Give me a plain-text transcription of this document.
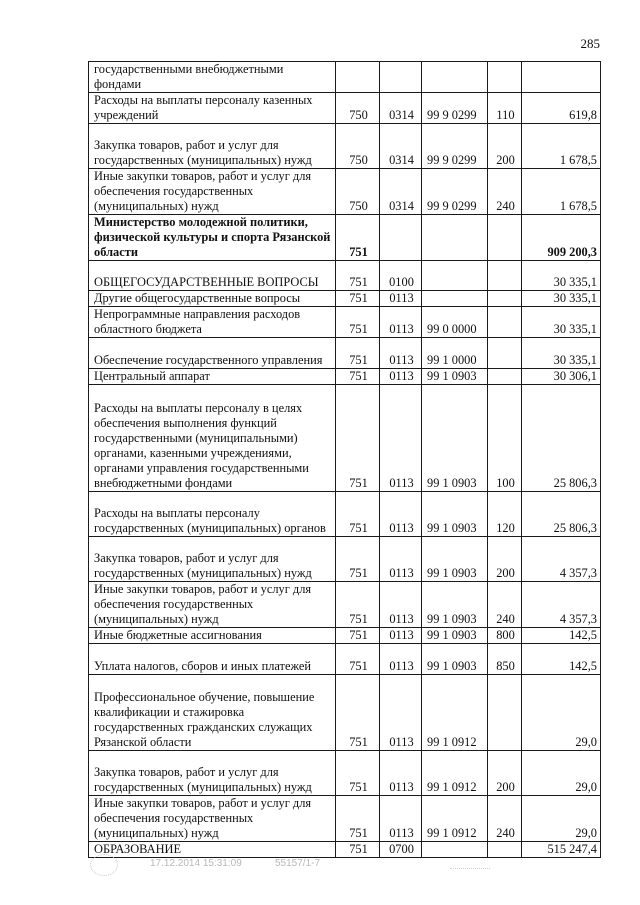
285
государственными внебюджетными фондами					
Расходы на выплаты персоналу казенных учреждений	750	0314	99 9 0299	110	619,8
Закупка товаров, работ и услуг для государственных (муниципальных) нужд	750	0314	99 9 0299	200	1 678,5
Иные закупки товаров, работ и услуг для обеспечения государственных (муниципальных) нужд	750	0314	99 9 0299	240	1 678,5
Министерство молодежной политики, физической культуры и спорта Рязанской области	751				909 200,3
ОБЩЕГОСУДАРСТВЕННЫЕ ВОПРОСЫ	751	0100			30 335,1
Другие общегосударственные вопросы	751	0113			30 335,1
Непрограммные направления расходов областного бюджета	751	0113	99 0 0000		30 335,1
Обеспечение государственного управления	751	0113	99 1 0000		30 335,1
Центральный аппарат	751	0113	99 1 0903		30 306,1
Расходы на выплаты персоналу в целях обеспечения выполнения функций государственными (муниципальными) органами, казенными учреждениями, органами управления государственными внебюджетными фондами	751	0113	99 1 0903	100	25 806,3
Расходы на выплаты персоналу государственных (муниципальных) органов	751	0113	99 1 0903	120	25 806,3
Закупка товаров, работ и услуг для государственных (муниципальных) нужд	751	0113	99 1 0903	200	4 357,3
Иные закупки товаров, работ и услуг для обеспечения государственных (муниципальных) нужд	751	0113	99 1 0903	240	4 357,3
Иные бюджетные ассигнования	751	0113	99 1 0903	800	142,5
Уплата налогов, сборов и иных платежей	751	0113	99 1 0903	850	142,5
Профессиональное обучение, повышение квалификации и стажировка государственных гражданских служащих Рязанской области	751	0113	99 1 0912		29,0
Закупка товаров, работ и услуг для государственных (муниципальных) нужд	751	0113	99 1 0912	200	29,0
Иные закупки товаров, работ и услуг для обеспечения государственных (муниципальных) нужд	751	0113	99 1 0912	240	29,0
ОБРАЗОВАНИЕ	751	0700			515 247,4
17.12.2014 15:31:09	55157/1-7
